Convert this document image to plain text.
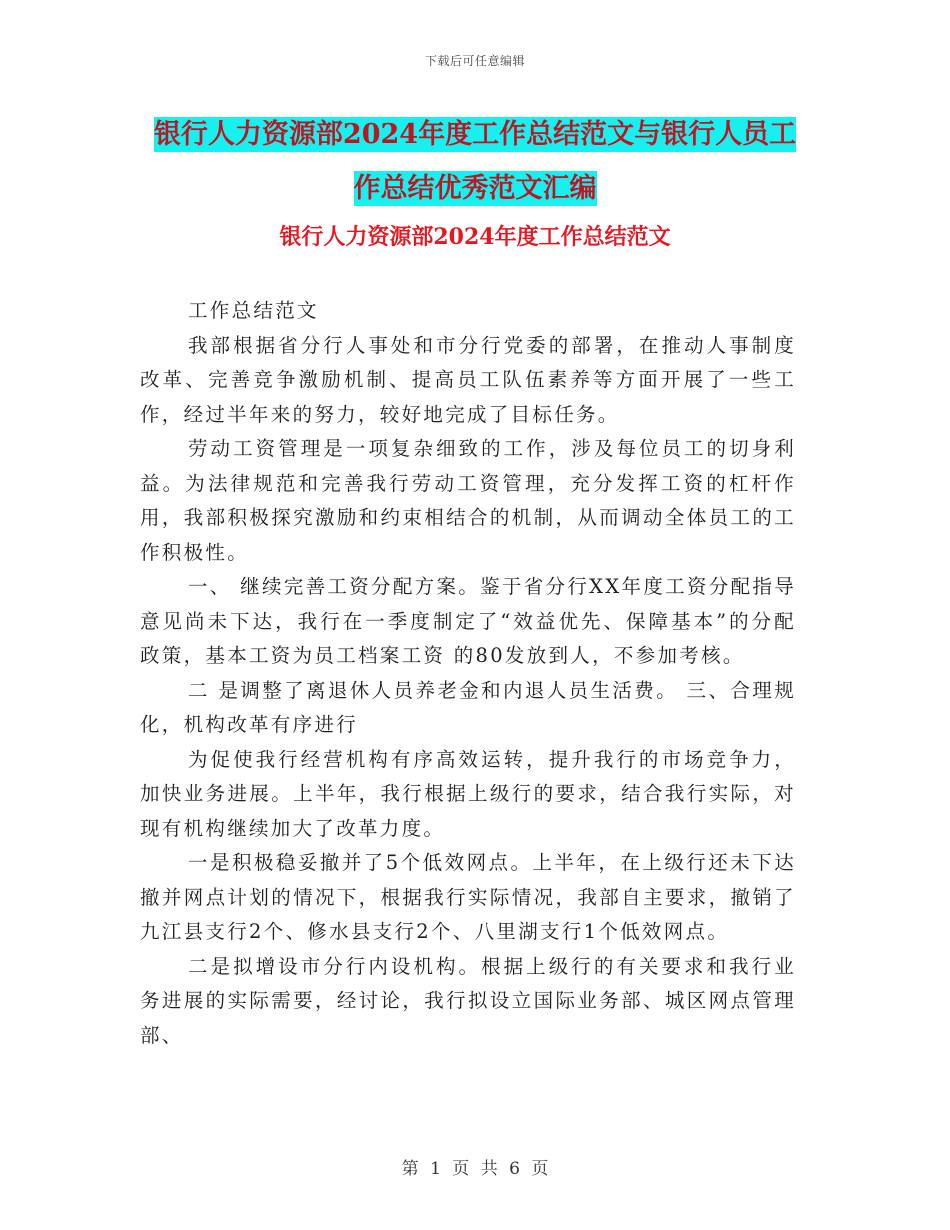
下载后可任意编辑
银行人力资源部2024年度工作总结范文与银行人员工
作总结优秀范文汇编
银行人力资源部2024年度工作总结范文

工作总结范文

我部根据省分行人事处和市分行党委的部署，在推动人事制度改革、完善竞争激励机制、提高员工队伍素养等方面开展了一些工作，经过半年来的努力，较好地完成了目标任务。

劳动工资管理是一项复杂细致的工作，涉及每位员工的切身利益。为法律规范和完善我行劳动工资管理，充分发挥工资的杠杆作用，我部积极探究激励和约束相结合的机制，从而调动全体员工的工作积极性。

一、 继续完善工资分配方案。鉴于省分行XX年度工资分配指导意见尚未下达，我行在一季度制定了“效益优先、保障基本”的分配政策，基本工资为员工档案工资 的80发放到人，不参加考核。

二 是调整了离退休人员养老金和内退人员生活费。 三、合理规化，机构改革有序进行

为促使我行经营机构有序高效运转，提升我行的市场竞争力，加快业务进展。上半年，我行根据上级行的要求，结合我行实际，对现有机构继续加大了改革力度。

一是积极稳妥撤并了5个低效网点。上半年，在上级行还未下达撤并网点计划的情况下，根据我行实际情况，我部自主要求，撤销了九江县支行2个、修水县支行2个、八里湖支行1个低效网点。

二是拟增设市分行内设机构。根据上级行的有关要求和我行业务进展的实际需要，经讨论，我行拟设立国际业务部、城区网点管理部、

第 1 页 共 6 页
